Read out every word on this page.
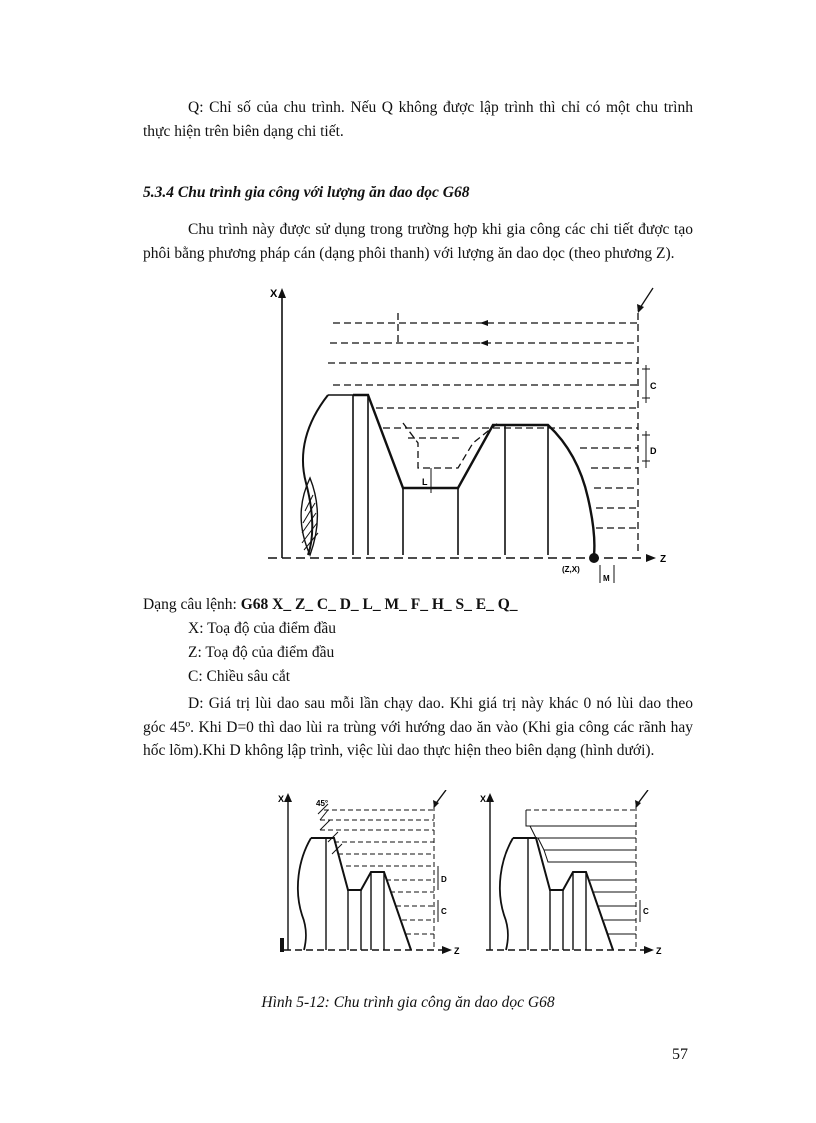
Q: Chỉ số của chu trình. Nếu Q không được lập trình thì chỉ có một chu trình thực hiện trên biên dạng chi tiết.

5.3.4 Chu trình gia công với lượng ăn dao dọc G68

Chu trình này được sử dụng trong trường hợp khi gia công các chi tiết được tạo phôi bằng phương pháp cán (dạng phôi thanh) với lượng ăn dao dọc (theo phương Z).

X
Z
C
D
L
M
(Z,X)

Dạng câu lệnh: G68 X_ Z_ C_ D_ L_ M_ F_ H_ S_ E_ Q_

X: Toạ độ của điểm đầu

Z: Toạ độ của điểm đầu

C: Chiều sâu cắt

D: Giá trị lùi dao sau mỗi lần chạy dao. Khi giá trị này khác 0 nó lùi dao theo góc 45º. Khi D=0 thì dao lùi ra trùng với hướng dao ăn vào (Khi gia công các rãnh hay hốc lõm).Khi D không lập trình, việc lùi dao thực hiện theo biên dạng (hình dưới).

X
Z
45°
D
C
X
Z
C

Hình 5-12: Chu trình gia công ăn dao dọc G68

57
